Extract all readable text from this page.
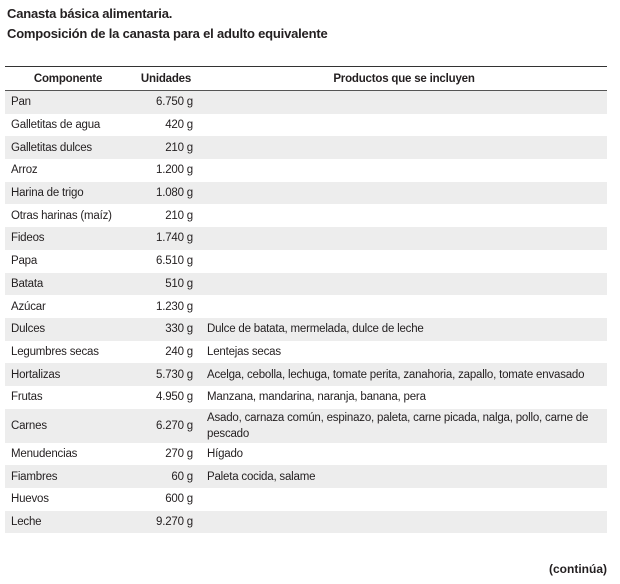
Canasta básica alimentaria.
Composición de la canasta para el adulto equivalente
Componente	Unidades	Productos que se incluyen
Pan	6.750 g	
Galletitas de agua	420 g	
Galletitas dulces	210 g	
Arroz	1.200 g	
Harina de trigo	1.080 g	
Otras harinas (maíz)	210 g	
Fideos	1.740 g	
Papa	6.510 g	
Batata	510 g	
Azúcar	1.230 g	
Dulces	330 g	Dulce de batata, mermelada, dulce de leche
Legumbres secas	240 g	Lentejas secas
Hortalizas	5.730 g	Acelga, cebolla, lechuga, tomate perita, zanahoria, zapallo, tomate envasado
Frutas	4.950 g	Manzana, mandarina, naranja, banana, pera
Carnes	6.270 g	Asado, carnaza común, espinazo, paleta, carne picada, nalga, pollo, carne de pescado
Menudencias	270 g	Hígado
Fiambres	60 g	Paleta cocida, salame
Huevos	600 g	
Leche	9.270 g	
(continúa)
